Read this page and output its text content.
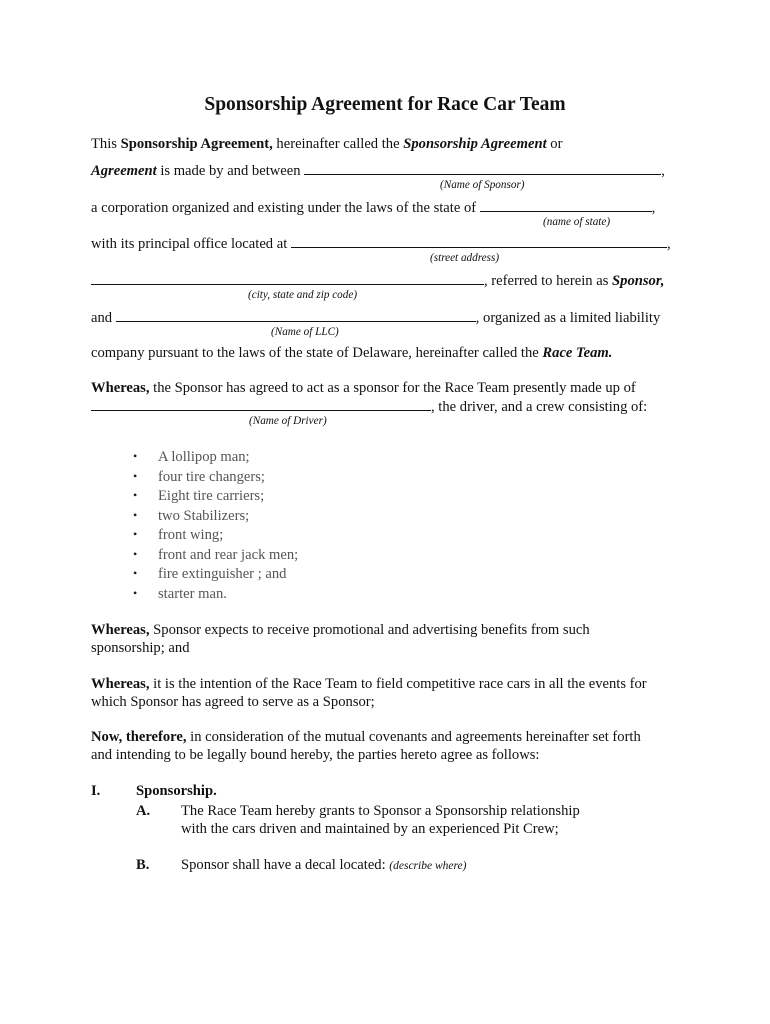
Sponsorship Agreement for Race Car Team
This Sponsorship Agreement, hereinafter called the Sponsorship Agreement or
Agreement is made by and between	,
(Name of Sponsor)
a corporation organized and existing under the laws of the state of	,
(name of state)
with its principal office located at	,
(street address)
, referred to herein as Sponsor,
(city, state and zip code)
and	, organized as a limited liability
(Name of LLC)
company pursuant to the laws of the state of Delaware, hereinafter called the Race Team.
Whereas, the Sponsor has agreed to act as a sponsor for the Race Team presently made up of
, the driver, and a crew consisting of:
(Name of Driver)
• A lollipop man;
• four tire changers;
• Eight tire carriers;
• two Stabilizers;
• front wing;
• front and rear jack men;
• fire extinguisher ; and
• starter man.
Whereas, Sponsor expects to receive promotional and advertising benefits from such
sponsorship; and
Whereas, it is the intention of the Race Team to field competitive race cars in all the events for
which Sponsor has agreed to serve as a Sponsor;
Now, therefore, in consideration of the mutual covenants and agreements hereinafter set forth
and intending to be legally bound hereby, the parties hereto agree as follows:
I. Sponsorship.
A. The Race Team hereby grants to Sponsor a Sponsorship relationship
with the cars driven and maintained by an experienced Pit Crew;
B. Sponsor shall have a decal located: (describe where)
